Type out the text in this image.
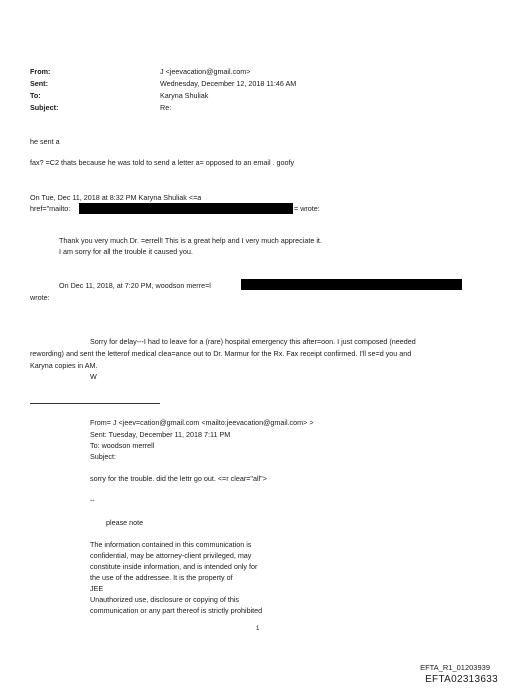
From:
Sent:
To:
Subject:
J <jeevacation@gmail.com>
Wednesday, December 12, 2018 11:46 AM
Karyna Shuliak
Re:
he sent a
fax? =C2 thats because he was told to send a letter a= opposed to an email . goofy
On Tue, Dec 11, 2018 at 8:32 PM Karyna Shuliak <=a
href="mailto:	= wrote:
Thank you very much Dr. =errell! This is a great help and I very much appreciate it.
I am sorry for all the trouble it caused you.
On Dec 11, 2018, at 7:20 PM, woodson merre=l
wrote:
Sorry for delay---I had to leave for a (rare) hospital emergency this after=oon. I just composed (needed
rewording) and sent the letterof medical clea=ance out to Dr. Marmur for the Rx. Fax receipt confirmed. I'll se=d you and
Karyna copies in AM.
W
From= J <jeev=cation@gmail.com <mailto:jeevacation@gmail.com> >
Sent: Tuesday, December 11, 2018 7:11 PM
To: woodson merrell
Subject:
sorry for the trouble. did the lettr go out. <=r clear="all">
--
please note
The information contained in this communication is
confidential, may be attorney-client privileged, may
constitute inside information, and is intended only for
the use of the addressee. It is the property of
JEE
Unauthorized use, disclosure or copying of this
communication or any part thereof is strictly prohibited
1
EFTA_R1_01203939
EFTA02313633
